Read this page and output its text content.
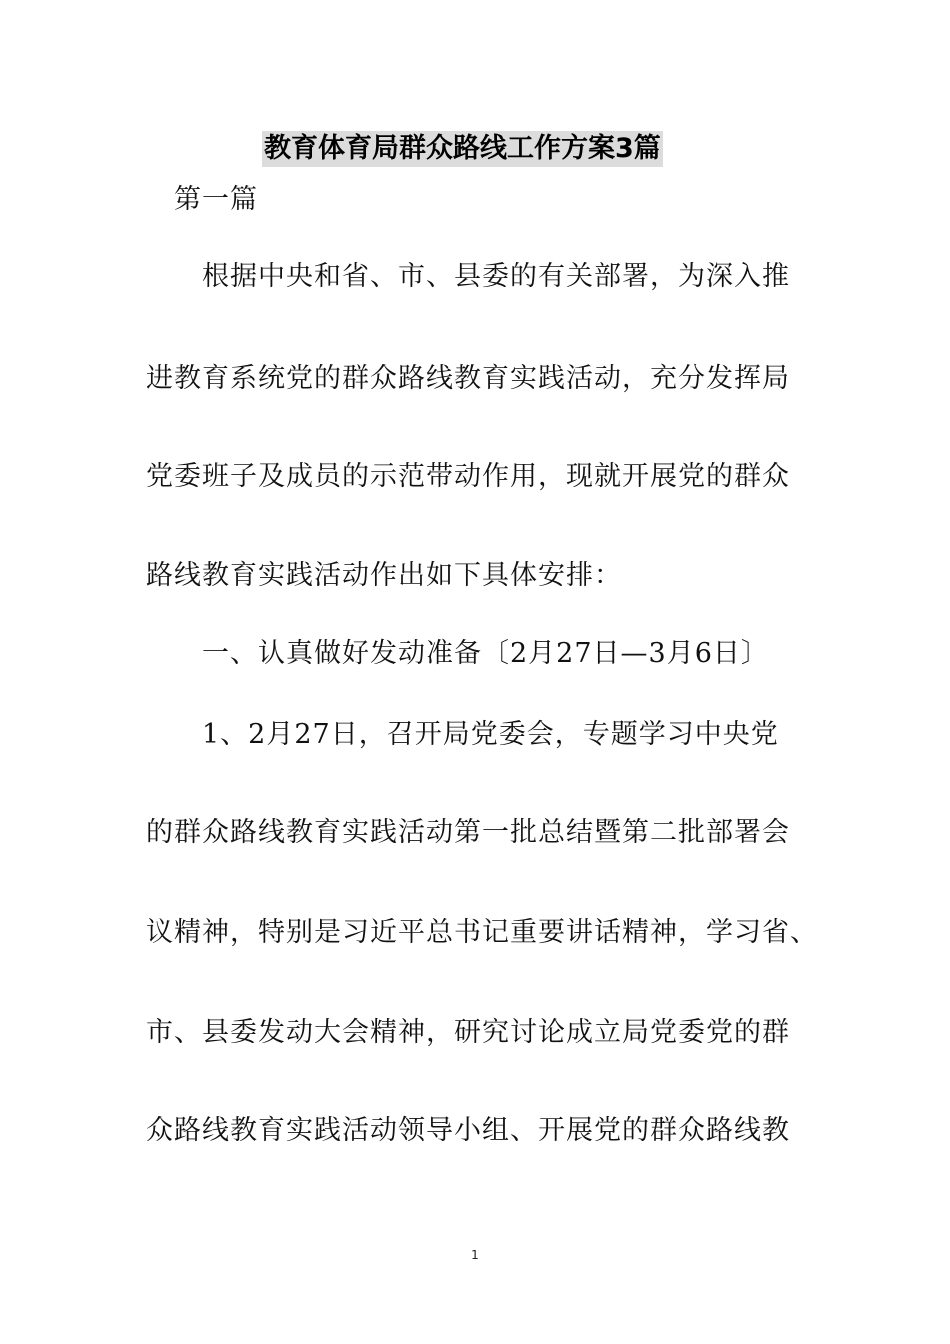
教育体育局群众路线工作方案3篇
第一篇
　　根据中央和省、市、县委的有关部署，为深入推
进教育系统党的群众路线教育实践活动，充分发挥局
党委班子及成员的示范带动作用，现就开展党的群众
路线教育实践活动作出如下具体安排：
　　一、认真做好发动准备〔2月27日—3月6日〕
　　1、2月27日，召开局党委会，专题学习中央党
的群众路线教育实践活动第一批总结暨第二批部署会
议精神，特别是习近平总书记重要讲话精神，学习省、
市、县委发动大会精神，研究讨论成立局党委党的群
众路线教育实践活动领导小组、开展党的群众路线教
1
